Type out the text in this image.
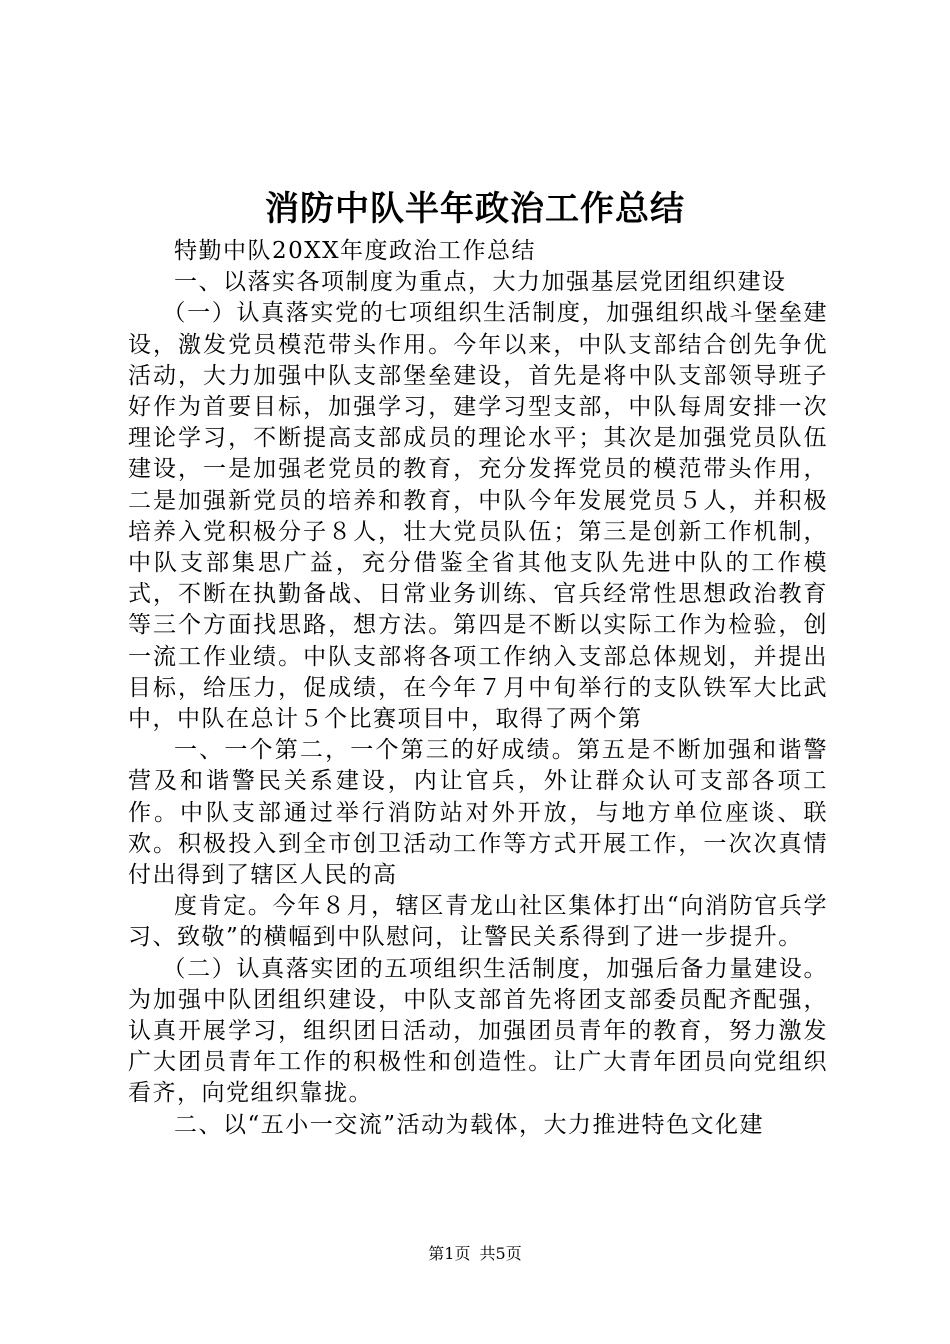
消防中队半年政治工作总结

特勤中队20XX年度政治工作总结

一、以落实各项制度为重点，大力加强基层党团组织建设

（一）认真落实党的七项组织生活制度，加强组织战斗堡垒建设，激发党员模范带头作用。今年以来，中队支部结合创先争优活动，大力加强中队支部堡垒建设，首先是将中队支部领导班子好作为首要目标，加强学习，建学习型支部，中队每周安排一次理论学习，不断提高支部成员的理论水平；其次是加强党员队伍建设，一是加强老党员的教育，充分发挥党员的模范带头作用，二是加强新党员的培养和教育，中队今年发展党员５人，并积极培养入党积极分子８人，壮大党员队伍；第三是创新工作机制，中队支部集思广益，充分借鉴全省其他支队先进中队的工作模式，不断在执勤备战、日常业务训练、官兵经常性思想政治教育等三个方面找思路，想方法。第四是不断以实际工作为检验，创一流工作业绩。中队支部将各项工作纳入支部总体规划，并提出目标，给压力，促成绩，在今年７月中旬举行的支队铁军大比武中，中队在总计５个比赛项目中，取得了两个第

一、一个第二，一个第三的好成绩。第五是不断加强和谐警营及和谐警民关系建设，内让官兵，外让群众认可支部各项工作。中队支部通过举行消防站对外开放，与地方单位座谈、联欢。积极投入到全市创卫活动工作等方式开展工作，一次次真情付出得到了辖区人民的高

度肯定。今年８月，辖区青龙山社区集体打出“向消防官兵学习、致敬”的横幅到中队慰问，让警民关系得到了进一步提升。

（二）认真落实团的五项组织生活制度，加强后备力量建设。为加强中队团组织建设，中队支部首先将团支部委员配齐配强，认真开展学习，组织团日活动，加强团员青年的教育，努力激发广大团员青年工作的积极性和创造性。让广大青年团员向党组织看齐，向党组织靠拢。

二、以“五小一交流”活动为载体，大力推进特色文化建

第1页 共5页
